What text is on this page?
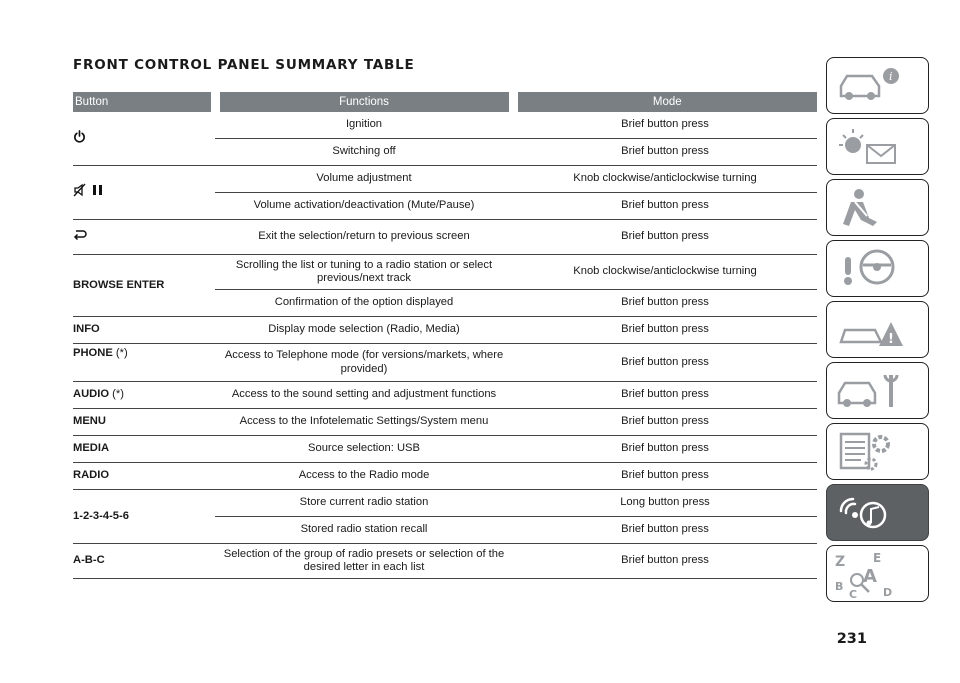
FRONT CONTROL PANEL SUMMARY TABLE
Button	Functions	Mode
	Ignition	Brief button press
	Switching off	Brief button press
	Volume adjustment	Knob clockwise/anticlockwise turning
	Volume activation/deactivation (Mute/Pause)	Brief button press
	Exit the selection/return to previous screen	Brief button press
BROWSE ENTER	Scrolling the list or tuning to a radio station or select previous/next track	Knob clockwise/anticlockwise turning
	Confirmation of the option displayed	Brief button press
INFO	Display mode selection (Radio, Media)	Brief button press
PHONE (*)	Access to Telephone mode (for versions/markets, where provided)	Brief button press
AUDIO (*)	Access to the sound setting and adjustment functions	Brief button press
MENU	Access to the Infotelematic Settings/System menu	Brief button press
MEDIA	Source selection: USB	Brief button press
RADIO	Access to the Radio mode	Brief button press
1-2-3-4-5-6	Store current radio station	Long button press
	Stored radio station recall	Brief button press
A-B-C	Selection of the group of radio presets or selection of the desired letter in each list	Brief button press
231
i
!
Z E
B
C
A
D
